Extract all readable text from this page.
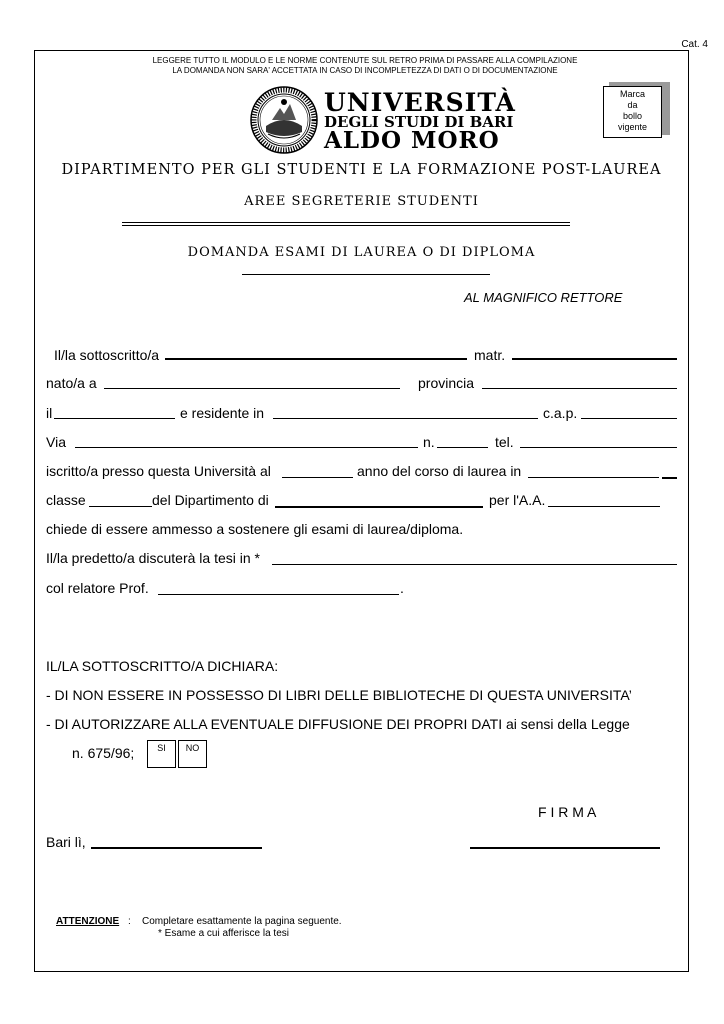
Cat. 4
LEGGERE TUTTO IL MODULO E LE NORME CONTENUTE SUL RETRO PRIMA DI PASSARE ALLA COMPILAZIONE
LA DOMANDA NON SARA' ACCETTATA IN CASO DI INCOMPLETEZZA DI DATI O DI DOCUMENTAZIONE
Marca
da
bollo
vigente
UNIVERSITÀ
DEGLI STUDI DI BARI
ALDO MORO
DIPARTIMENTO PER GLI STUDENTI E LA FORMAZIONE POST-LAUREA
AREE SEGRETERIE STUDENTI
DOMANDA ESAMI DI LAUREA O DI DIPLOMA
AL MAGNIFICO RETTORE
Il/la sottoscritto/a	matr.
nato/a a	provincia
il	e residente in	c.a.p.
Via	n.	tel.
iscritto/a presso questa Università al	anno del corso di laurea in
classe	del Dipartimento di	per l'A.A.
chiede di essere ammesso a sostenere gli esami di laurea/diploma.
Il/la predetto/a discuterà la tesi in *
col relatore Prof.	.
IL/LA SOTTOSCRITTO/A DICHIARA:
- DI NON ESSERE IN POSSESSO DI LIBRI DELLE BIBLIOTECHE DI QUESTA UNIVERSITA’
- DI AUTORIZZARE ALLA EVENTUALE DIFFUSIONE DEI PROPRI DATI ai sensi della Legge
n. 675/96;	SI	NO
F I R M A
Bari lì,
ATTENZIONE : Completare esattamente la pagina seguente.
* Esame a cui afferisce la tesi
